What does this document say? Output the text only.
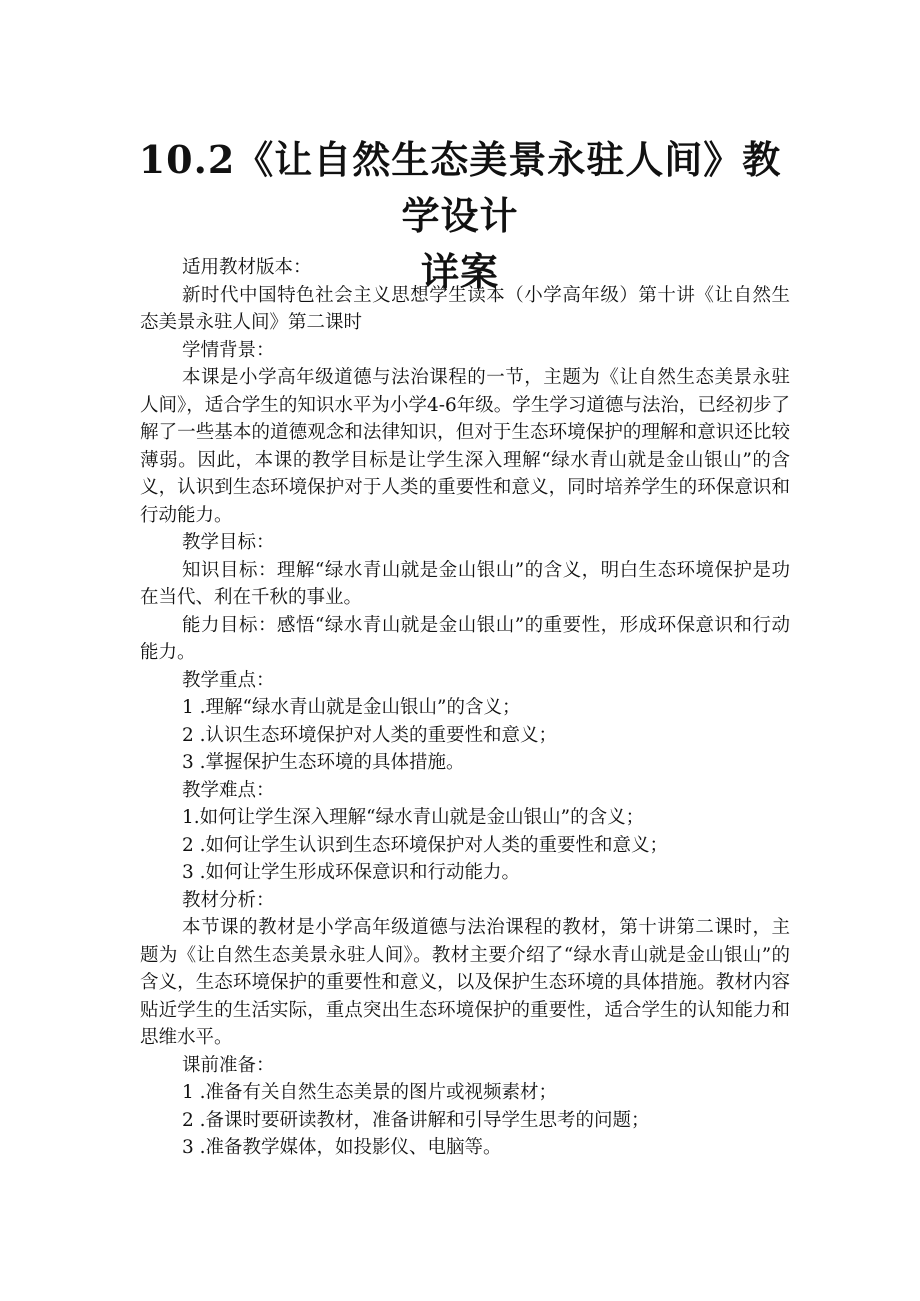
10.2《让自然生态美景永驻人间》教学设计
详案

适用教材版本：

新时代中国特色社会主义思想学生读本（小学高年级）第十讲《让自然生态美景永驻人间》第二课时

学情背景：

本课是小学高年级道德与法治课程的一节，主题为《让自然生态美景永驻人间》，适合学生的知识水平为小学4-6年级。学生学习道德与法治，已经初步了解了一些基本的道德观念和法律知识，但对于生态环境保护的理解和意识还比较薄弱。因此，本课的教学目标是让学生深入理解“绿水青山就是金山银山”的含义，认识到生态环境保护对于人类的重要性和意义，同时培养学生的环保意识和行动能力。

教学目标：

知识目标：理解“绿水青山就是金山银山”的含义，明白生态环境保护是功在当代、利在千秋的事业。

能力目标：感悟“绿水青山就是金山银山”的重要性，形成环保意识和行动能力。

教学重点：

1 .理解“绿水青山就是金山银山”的含义；

2 .认识生态环境保护对人类的重要性和意义；

3 .掌握保护生态环境的具体措施。

教学难点：

1.如何让学生深入理解“绿水青山就是金山银山”的含义；

2 .如何让学生认识到生态环境保护对人类的重要性和意义；

3 .如何让学生形成环保意识和行动能力。

教材分析：

本节课的教材是小学高年级道德与法治课程的教材，第十讲第二课时，主题为《让自然生态美景永驻人间》。教材主要介绍了“绿水青山就是金山银山”的含义，生态环境保护的重要性和意义，以及保护生态环境的具体措施。教材内容贴近学生的生活实际，重点突出生态环境保护的重要性，适合学生的认知能力和思维水平。

课前准备：

1 .准备有关自然生态美景的图片或视频素材；

2 .备课时要研读教材，准备讲解和引导学生思考的问题；

3 .准备教学媒体，如投影仪、电脑等。
